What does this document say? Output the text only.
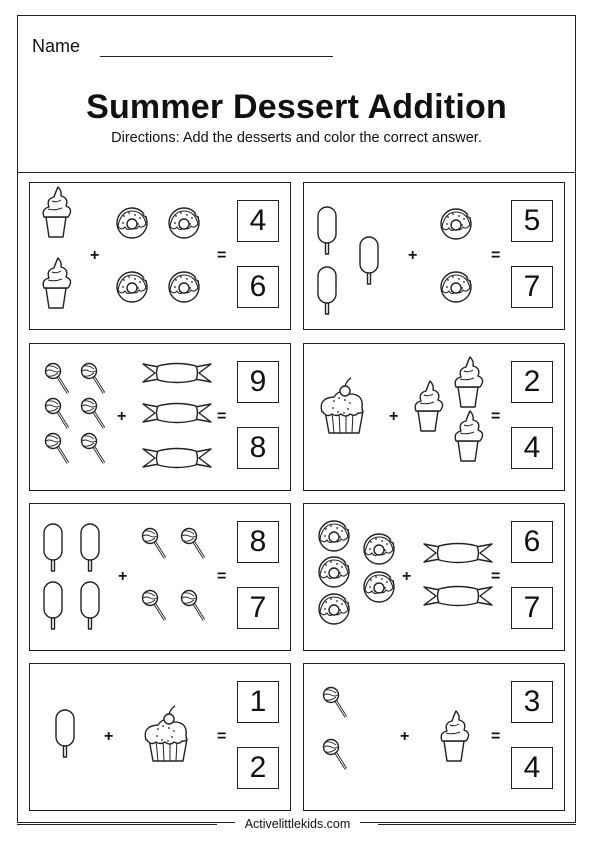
Name
Summer Dessert Addition
Directions: Add the desserts and color the correct answer.
+	=
4
6
+	=
5
7
+	=
9
8
+	=
2
4
+	=
8
7
+	=
6
7
+	=
1
2
+	=
3
4
Activelittlekids.com
